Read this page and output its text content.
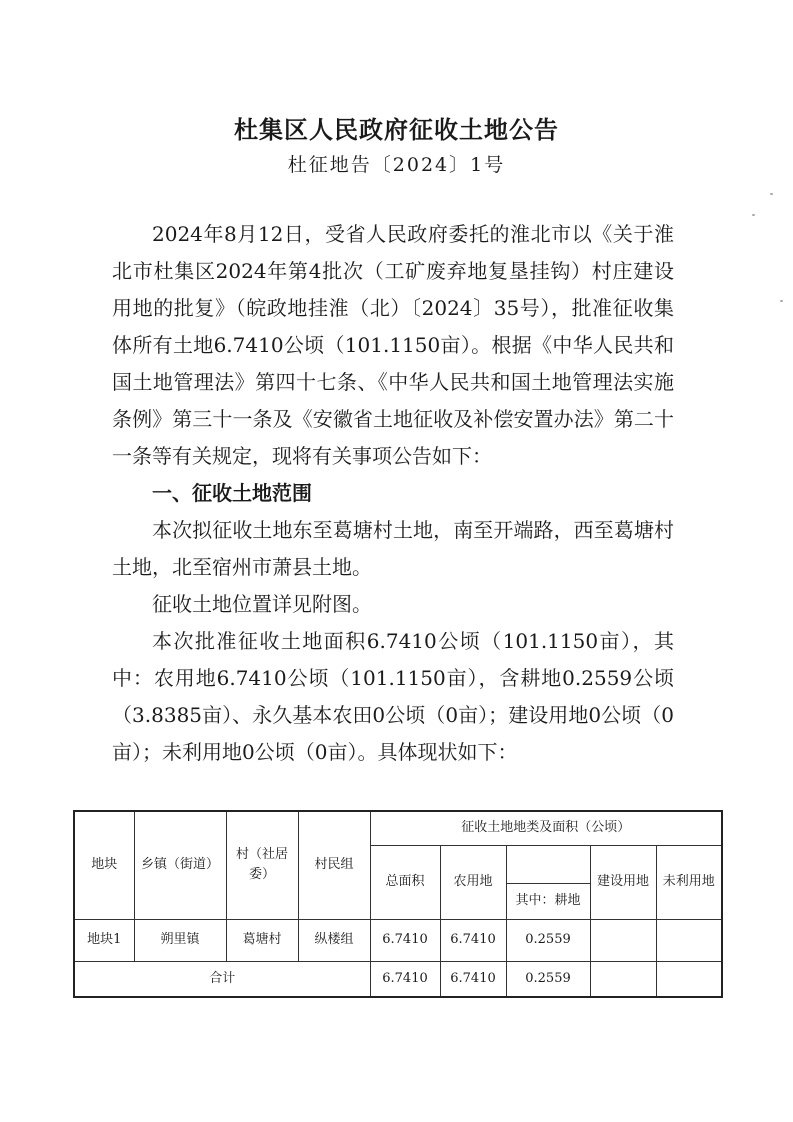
杜集区人民政府征收土地公告
杜征地告〔2024〕1号

2024年8月12日，受省人民政府委托的淮北市以《关于淮北市杜集区2024年第4批次（工矿废弃地复垦挂钩）村庄建设用地的批复》（皖政地挂淮（北）〔2024〕35号），批准征收集体所有土地6.7410公顷（101.1150亩）。根据《中华人民共和国土地管理法》第四十七条、《中华人民共和国土地管理法实施条例》第三十一条及《安徽省土地征收及补偿安置办法》第二十一条等有关规定，现将有关事项公告如下：

一、征收土地范围

本次拟征收土地东至葛塘村土地，南至开端路，西至葛塘村土地，北至宿州市萧县土地。

征收土地位置详见附图。

本次批准征收土地面积6.7410公顷（101.1150亩），其中：农用地6.7410公顷（101.1150亩），含耕地0.2559公顷（3.8385亩）、永久基本农田0公顷（0亩）；建设用地0公顷（0亩）；未利用地0公顷（0亩）。具体现状如下：

地块	乡镇（街道）	村（社居委）	村民组	征收土地地类及面积（公顷）				
				总面积	农用地		建设用地	未利用地
						其中：耕地		
地块1	朔里镇	葛塘村	纵楼组	6.7410	6.7410	0.2559		
合计				6.7410	6.7410	0.2559		
